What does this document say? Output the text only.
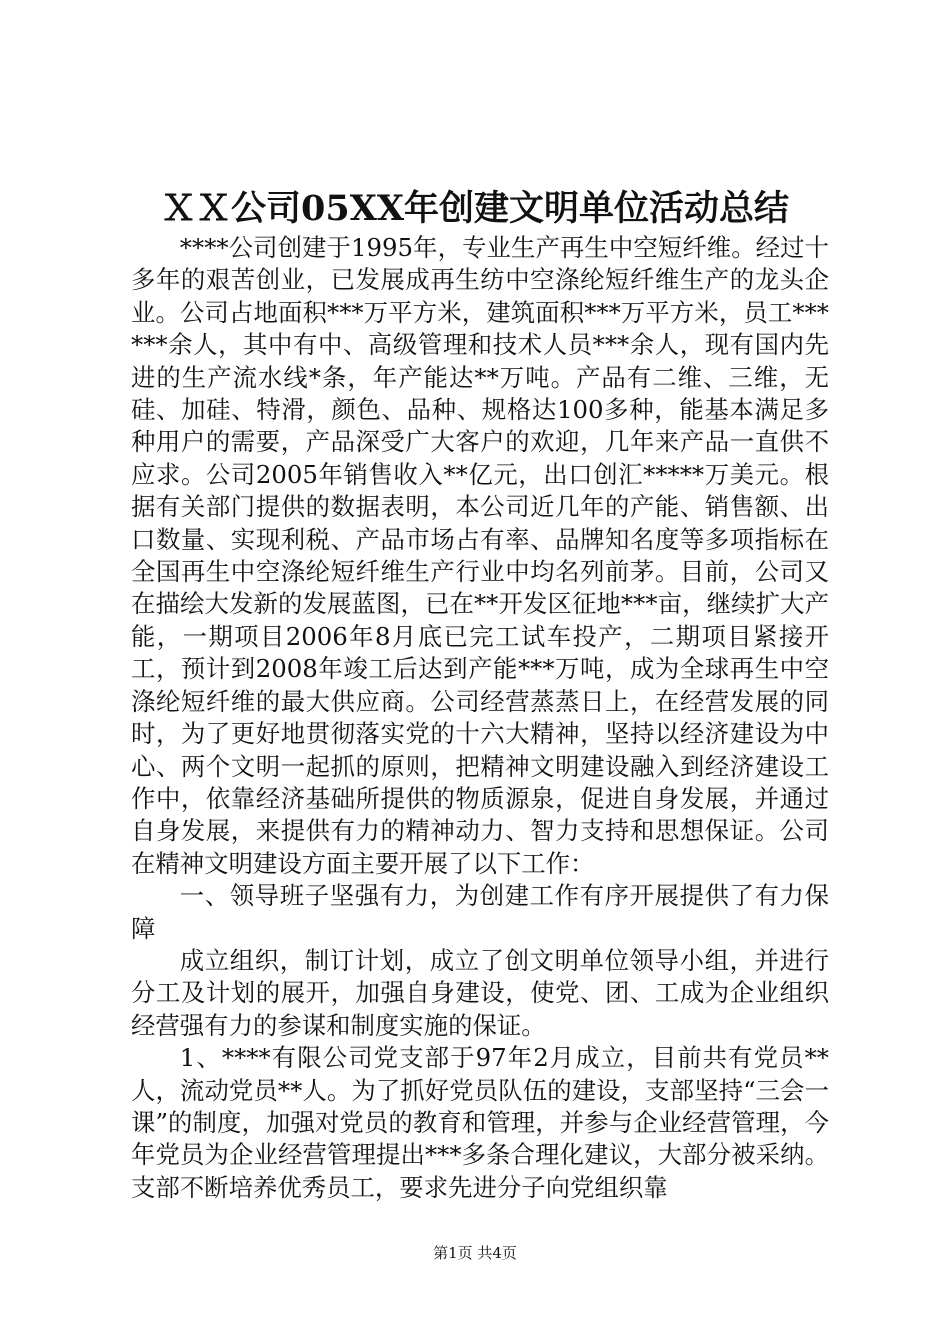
ＸＸ公司05XX年创建文明单位活动总结

****公司创建于1995年，专业生产再生中空短纤维。经过十多年的艰苦创业，已发展成再生纺中空涤纶短纤维生产的龙头企业。公司占地面积***万平方米，建筑面积***万平方米，员工******余人，其中有中、高级管理和技术人员***余人，现有国内先进的生产流水线*条，年产能达**万吨。产品有二维、三维，无硅、加硅、特滑，颜色、品种、规格达100多种，能基本满足多种用户的需要，产品深受广大客户的欢迎，几年来产品一直供不应求。公司2005年销售收入**亿元，出口创汇*****万美元。根据有关部门提供的数据表明，本公司近几年的产能、销售额、出口数量、实现利税、产品市场占有率、品牌知名度等多项指标在全国再生中空涤纶短纤维生产行业中均名列前茅。目前，公司又在描绘大发新的发展蓝图，已在**开发区征地***亩，继续扩大产能，一期项目2006年8月底已完工试车投产，二期项目紧接开工，预计到2008年竣工后达到产能***万吨，成为全球再生中空涤纶短纤维的最大供应商。公司经营蒸蒸日上，在经营发展的同时，为了更好地贯彻落实党的十六大精神，坚持以经济建设为中心、两个文明一起抓的原则，把精神文明建设融入到经济建设工作中，依靠经济基础所提供的物质源泉，促进自身发展，并通过自身发展，来提供有力的精神动力、智力支持和思想保证。公司在精神文明建设方面主要开展了以下工作：

一、领导班子坚强有力，为创建工作有序开展提供了有力保障

成立组织，制订计划，成立了创文明单位领导小组，并进行分工及计划的展开，加强自身建设，使党、团、工成为企业组织经营强有力的参谋和制度实施的保证。

1、****有限公司党支部于97年2月成立，目前共有党员**人，流动党员**人。为了抓好党员队伍的建设，支部坚持“三会一课”的制度，加强对党员的教育和管理，并参与企业经营管理，今年党员为企业经营管理提出***多条合理化建议，大部分被采纳。支部不断培养优秀员工，要求先进分子向党组织靠

第1页 共4页
